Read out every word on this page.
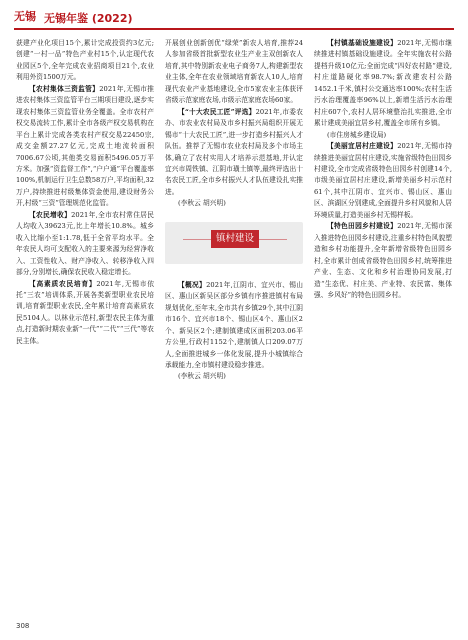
无锡 无锡年鉴 (2022)

获建产业化项目15个,累计完成投资约3亿元;创建“一村一品”特色产业村15个,认定现代农业园区5个,全年完成农业招商项目21个,农业利用外资1500万元。

【农村集体三资监管】2021年,无锡市推进农村集体三资监管平台三期项目建设,逐步实现农村集体三资监管业务全覆盖。全市农村产权交易流转工作,累计全市各级产权交易机构在平台上累计完成各类农村产权交易22450宗,成交金额27.27亿元,完成土地流转面积7006.67公顷,其他类交易面积5496.05万平方米。加强“资监督工作”,“户户通”平台覆盖率100%,机制运行卫生总数58万户,平均面积,32万户,持续推进村级集体资金使用,建设财务公开,村级“三资”管理规范化监管。

【农民增收】2021年,全市农村常住居民人均收入39623元,比上年增长10.8%。城乡收入比缩小至1:1.78,低于全省平均水平。全年农民人均可支配收入的主要来源为经营净收入、工资性收入、财产净收入、转移净收入四部分,分别增长,确保农民收入稳定增长。

【高素质农民培育】2021年,无锡市依托“三农”培训体系,开展各类新型职业农民培训,培育新型职业农民,全年累计培育高素质农民5104人。以林业示范村,新型农民主体为重点,打造新时期农业新“一代”“二代”“三代”等农民主体。

开展创业创新创优“绿荣”新农人培育,推荐24人参加省级首批新型农业生产业主双创新农人培育,其中特别新农业电子商务7人,构建新型农业主体,全年在农业领域培育新农人10人,培育现代农业产业基地建设,全市5家农业主体获评省级示范家庭农场,市级示范家庭农场60家。

【“十大农民工匠”评选】2021年,市委农办、市农业农村局及市乡村振兴局组织开展无锡市“十大农民工匠”,进一步打造乡村振兴人才队伍。推荐了无锡市农业农村局及多个市场主体,确立了农村实用人才培养示范基地,并认定宜兴市周铁镇、江阴市璜土镇等,最终评选出十名农民工匠,全市乡村振兴人才队伍建设扎实推进。

(李秋云 胡兴明)

镇村建设

【概况】2021年,江阴市、宜兴市、锡山区、惠山区新吴区部分乡镇有序推进镇村布局规划优化,至年末,全市共有乡镇29个,其中江阴市16个、宜兴市18个、锡山区4个、惠山区2个、新吴区2个;建制镇建成区面积203.06平方公里,行政村1152个,建制镇人口209.07万人,全面推进城乡一体化发展,提升小城镇综合承载能力,全市镇村建设稳步推进。

(李秋云 胡兴明)

【村镇基础设施建设】2021年,无锡市继续推进村镇基础设施建设。全年实施农村公路提档升级10亿元;全面完成“四好农村路”建设,村庄道路硬化率98.7%;新改建农村公路1452.1千米,镇村公交通达率100%;农村生活污水治理覆盖率96%以上,新增生活污水治理村庄607个,农村人居环境整治扎实推进,全市累计建成美丽宜居乡村,覆盖全市所有乡镇。

(市住房城乡建设局)

【美丽宜居村庄建设】2021年,无锡市持续推进美丽宜居村庄建设,实施省级特色田园乡村建设,全市完成省级特色田园乡村创建14个,市级美丽宜居村庄建设,新增美丽乡村示范村61个,其中江阴市、宜兴市、锡山区、惠山区、滨湖区分别建成,全面提升乡村风貌和人居环境质量,打造美丽乡村无锡样板。

【特色田园乡村建设】2021年,无锡市深入推进特色田园乡村建设,注重乡村特色风貌塑造和乡村功能提升,全年新增省级特色田园乡村,全市累计创成省级特色田园乡村,统筹推进产业、生态、文化和乡村治理协同发展,打造“生态优、村庄美、产业特、农民富、集体强、乡风好”的特色田园乡村。

308
